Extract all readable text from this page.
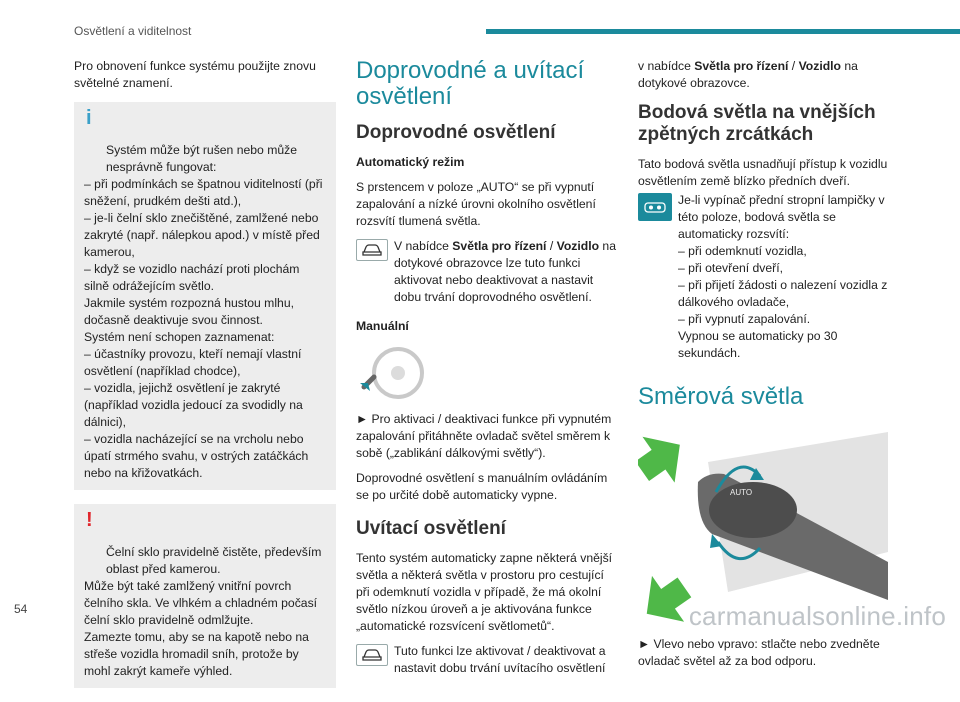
Osvětlení a viditelnost

Pro obnovení funkce systému použijte znovu světelné znamení.

i

Systém může být rušen nebo může nesprávně fungovat:
– při podmínkách se špatnou viditelností (při sněžení, prudkém dešti atd.),
– je-li čelní sklo znečištěné, zamlžené nebo zakryté (např. nálepkou apod.) v místě před kamerou,
– když se vozidlo nachází proti plochám silně odrážejícím světlo.
Jakmile systém rozpozná hustou mlhu, dočasně deaktivuje svou činnost.
Systém není schopen zaznamenat:
– účastníky provozu, kteří nemají vlastní osvětlení (například chodce),
– vozidla, jejichž osvětlení je zakryté (například vozidla jedoucí za svodidly na dálnici),
– vozidla nacházející se na vrcholu nebo úpatí strmého svahu, v ostrých zatáčkách nebo na křižovatkách.

!

Čelní sklo pravidelně čistěte, především oblast před kamerou.
Může být také zamlžený vnitřní povrch čelního skla. Ve vlhkém a chladném počasí čelní sklo pravidelně odmlžujte.
Zamezte tomu, aby se na kapotě nebo na střeše vozidla hromadil sníh, protože by mohl zakrýt kameře výhled.

Doprovodné a uvítací osvětlení
Doprovodné osvětlení
Automatický režim

S prstencem v poloze „AUTO“ se při vypnutí zapalování a nízké úrovni okolního osvětlení rozsvítí tlumená světla.

V nabídce Světla pro řízení / Vozidlo na dotykové obrazovce lze tuto funkci aktivovat nebo deaktivovat a nastavit dobu trvání doprovodného osvětlení.

Manuální

► Pro aktivaci / deaktivaci funkce při vypnutém zapalování přitáhněte ovladač světel směrem k sobě („zablikání dálkovými světly“).

Doprovodné osvětlení s manuálním ovládáním se po určité době automaticky vypne.

Uvítací osvětlení

Tento systém automaticky zapne některá vnější světla a některá světla v prostoru pro cestující při odemknutí vozidla v případě, že má okolní světlo nízkou úroveň a je aktivována funkce „automatické rozsvícení světlometů“.

Tuto funkci lze aktivovat / deaktivovat a nastavit dobu trvání uvítacího osvětlení

v nabídce Světla pro řízení / Vozidlo na dotykové obrazovce.

Bodová světla na vnějších zpětných zrcátkách

Tato bodová světla usnadňují přístup k vozidlu osvětlením země blízko předních dveří.

Je-li vypínač přední stropní lampičky v této poloze, bodová světla se automaticky rozsvítí:
– při odemknutí vozidla,
– při otevření dveří,
– při přijetí žádosti o nalezení vozidla z dálkového ovladače,
– při vypnutí zapalování.
Vypnou se automaticky po 30 sekundách.

Směrová světla
AUTO

► Vlevo nebo vpravo: stlačte nebo zvedněte ovladač světel až za bod odporu.

54	carmanualsonline.info
